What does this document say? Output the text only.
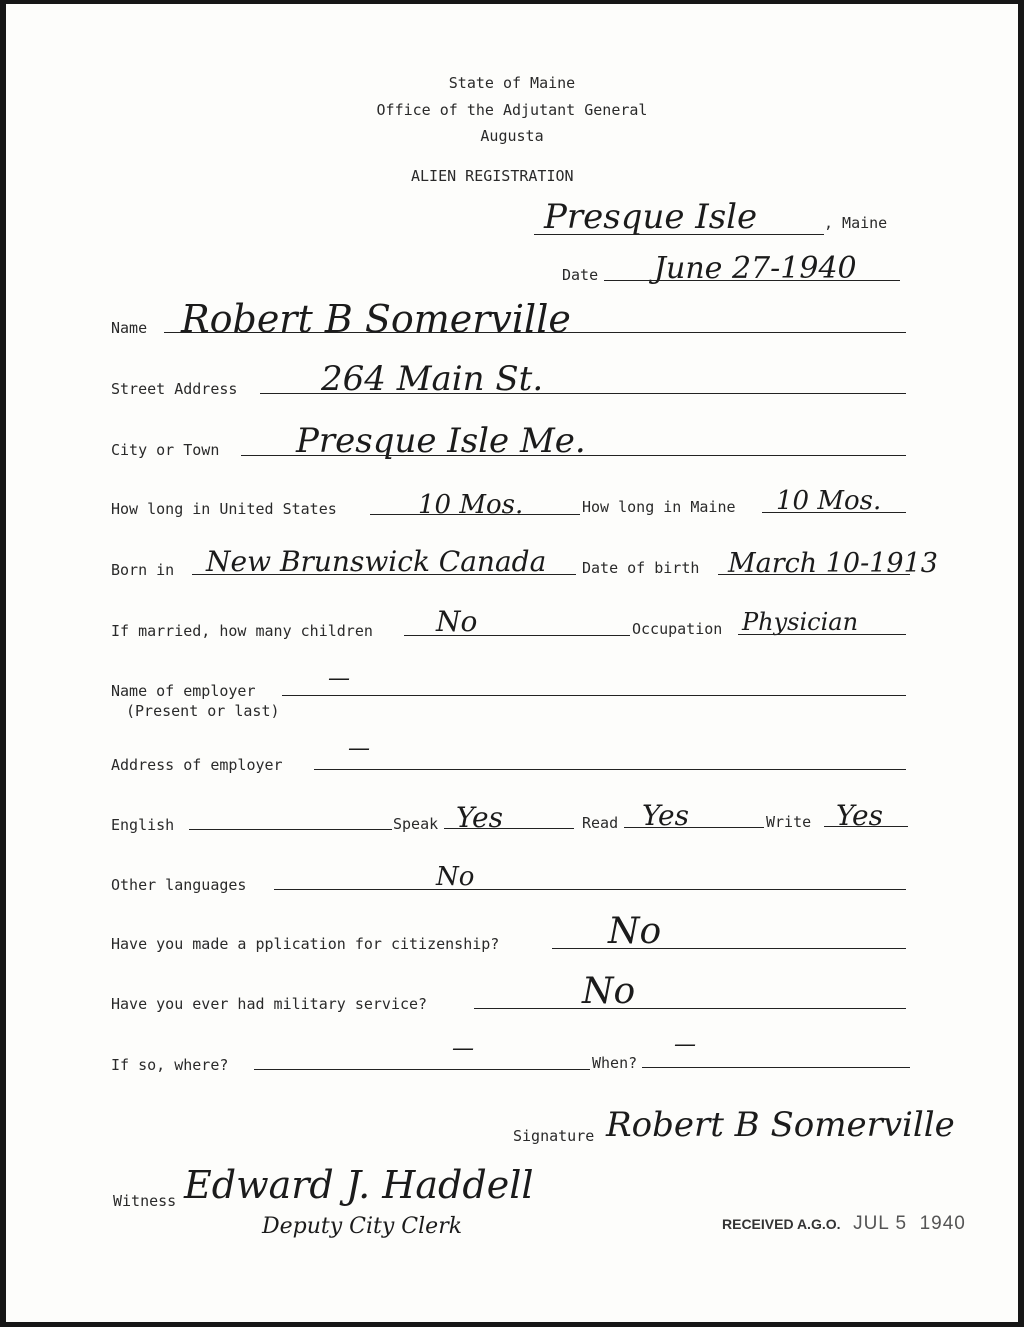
State of Maine
Office of the Adjutant General
Augusta
ALIEN REGISTRATION
Presque Isle	, Maine
Date June 27-1940
Name Robert B Somerville
Street Address 264 Main St.
City or Town Presque Isle Me.
How long in United States	10 Mos.	How long in Maine 10 Mos.
Born in New Brunswick Canada Date of birth March 10-1913
If married, how many children No	Occupation Physician
Name of employer
(Present or last)
—
Address of employer
—
English	Speak Yes	Read Yes	Write Yes
Other languages	No
Have you made a pplication for citizenship?	No
Have you ever had military service?	No
If so, where?
—
When?
—
Signature Robert B Somerville
Witness Edward J. Haddell
Deputy City Clerk	RECEIVED A.G.O. JUL 5  1940
